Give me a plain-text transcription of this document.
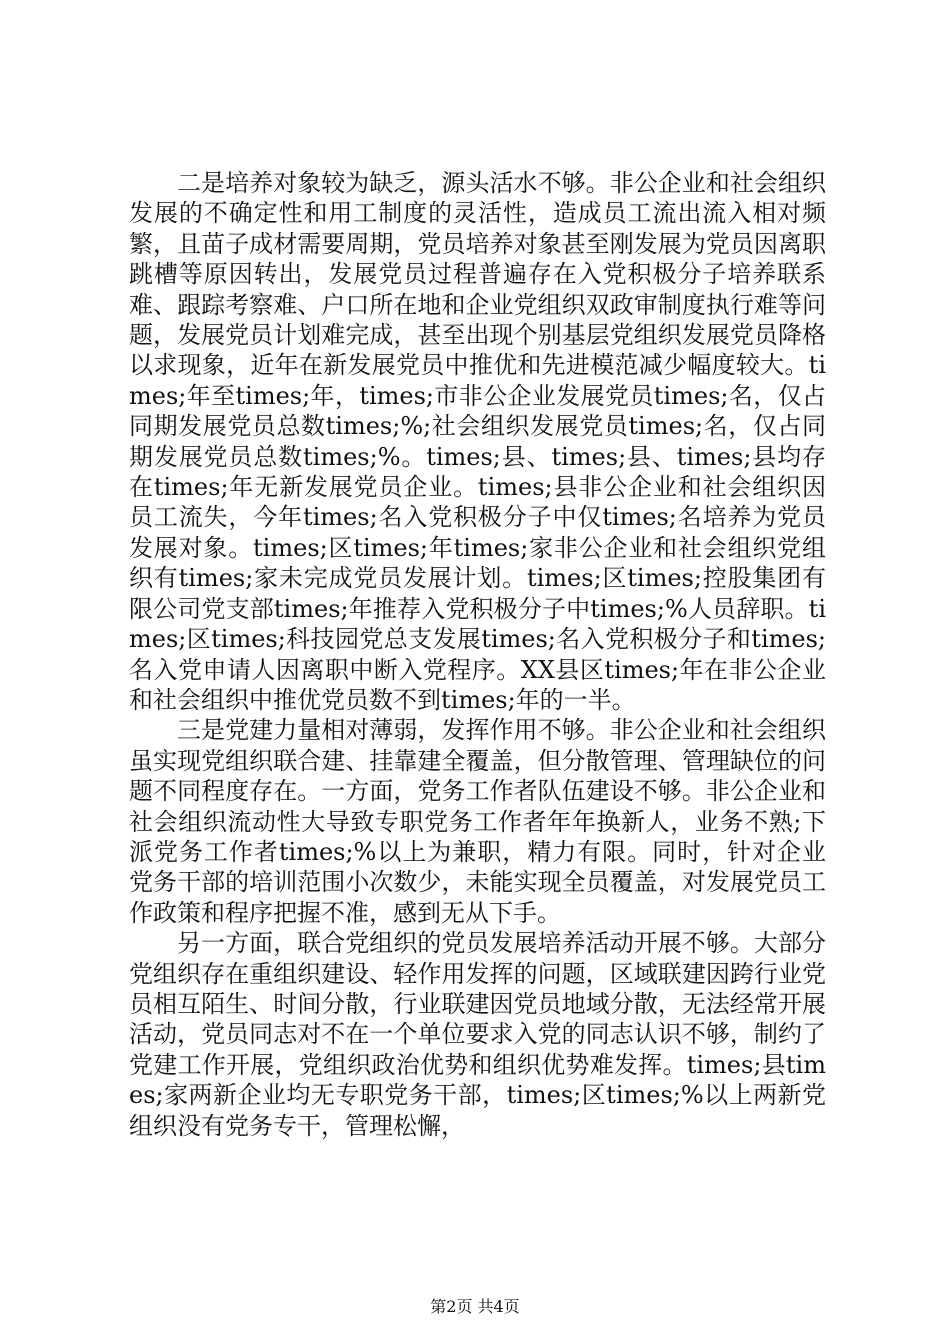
二是培养对象较为缺乏，源头活水不够。非公企业和社会组织发展的不确定性和用工制度的灵活性，造成员工流出流入相对频繁，且苗子成材需要周期，党员培养对象甚至刚发展为党员因离职跳槽等原因转出，发展党员过程普遍存在入党积极分子培养联系难、跟踪考察难、户口所在地和企业党组织双政审制度执行难等问题，发展党员计划难完成，甚至出现个别基层党组织发展党员降格以求现象，近年在新发展党员中推优和先进模范减少幅度较大。times;年至times;年，times;市非公企业发展党员times;名，仅占同期发展党员总数times;%;社会组织发展党员times;名，仅占同期发展党员总数times;%。times;县、times;县、times;县均存在times;年无新发展党员企业。times;县非公企业和社会组织因员工流失，今年times;名入党积极分子中仅times;名培养为党员发展对象。times;区times;年times;家非公企业和社会组织党组织有times;家未完成党员发展计划。times;区times;控股集团有限公司党支部times;年推荐入党积极分子中times;%人员辞职。times;区times;科技园党总支发展times;名入党积极分子和times;名入党申请人因离职中断入党程序。XX县区times;年在非公企业和社会组织中推优党员数不到times;年的一半。

三是党建力量相对薄弱，发挥作用不够。非公企业和社会组织虽实现党组织联合建、挂靠建全覆盖，但分散管理、管理缺位的问题不同程度存在。一方面，党务工作者队伍建设不够。非公企业和社会组织流动性大导致专职党务工作者年年换新人，业务不熟;下派党务工作者times;%以上为兼职，精力有限。同时，针对企业党务干部的培训范围小次数少，未能实现全员覆盖，对发展党员工作政策和程序把握不准，感到无从下手。

另一方面，联合党组织的党员发展培养活动开展不够。大部分党组织存在重组织建设、轻作用发挥的问题，区域联建因跨行业党员相互陌生、时间分散，行业联建因党员地域分散，无法经常开展活动，党员同志对不在一个单位要求入党的同志认识不够，制约了党建工作开展，党组织政治优势和组织优势难发挥。times;县times;家两新企业均无专职党务干部，times;区times;%以上两新党组织没有党务专干，管理松懈，

第2页 共4页
